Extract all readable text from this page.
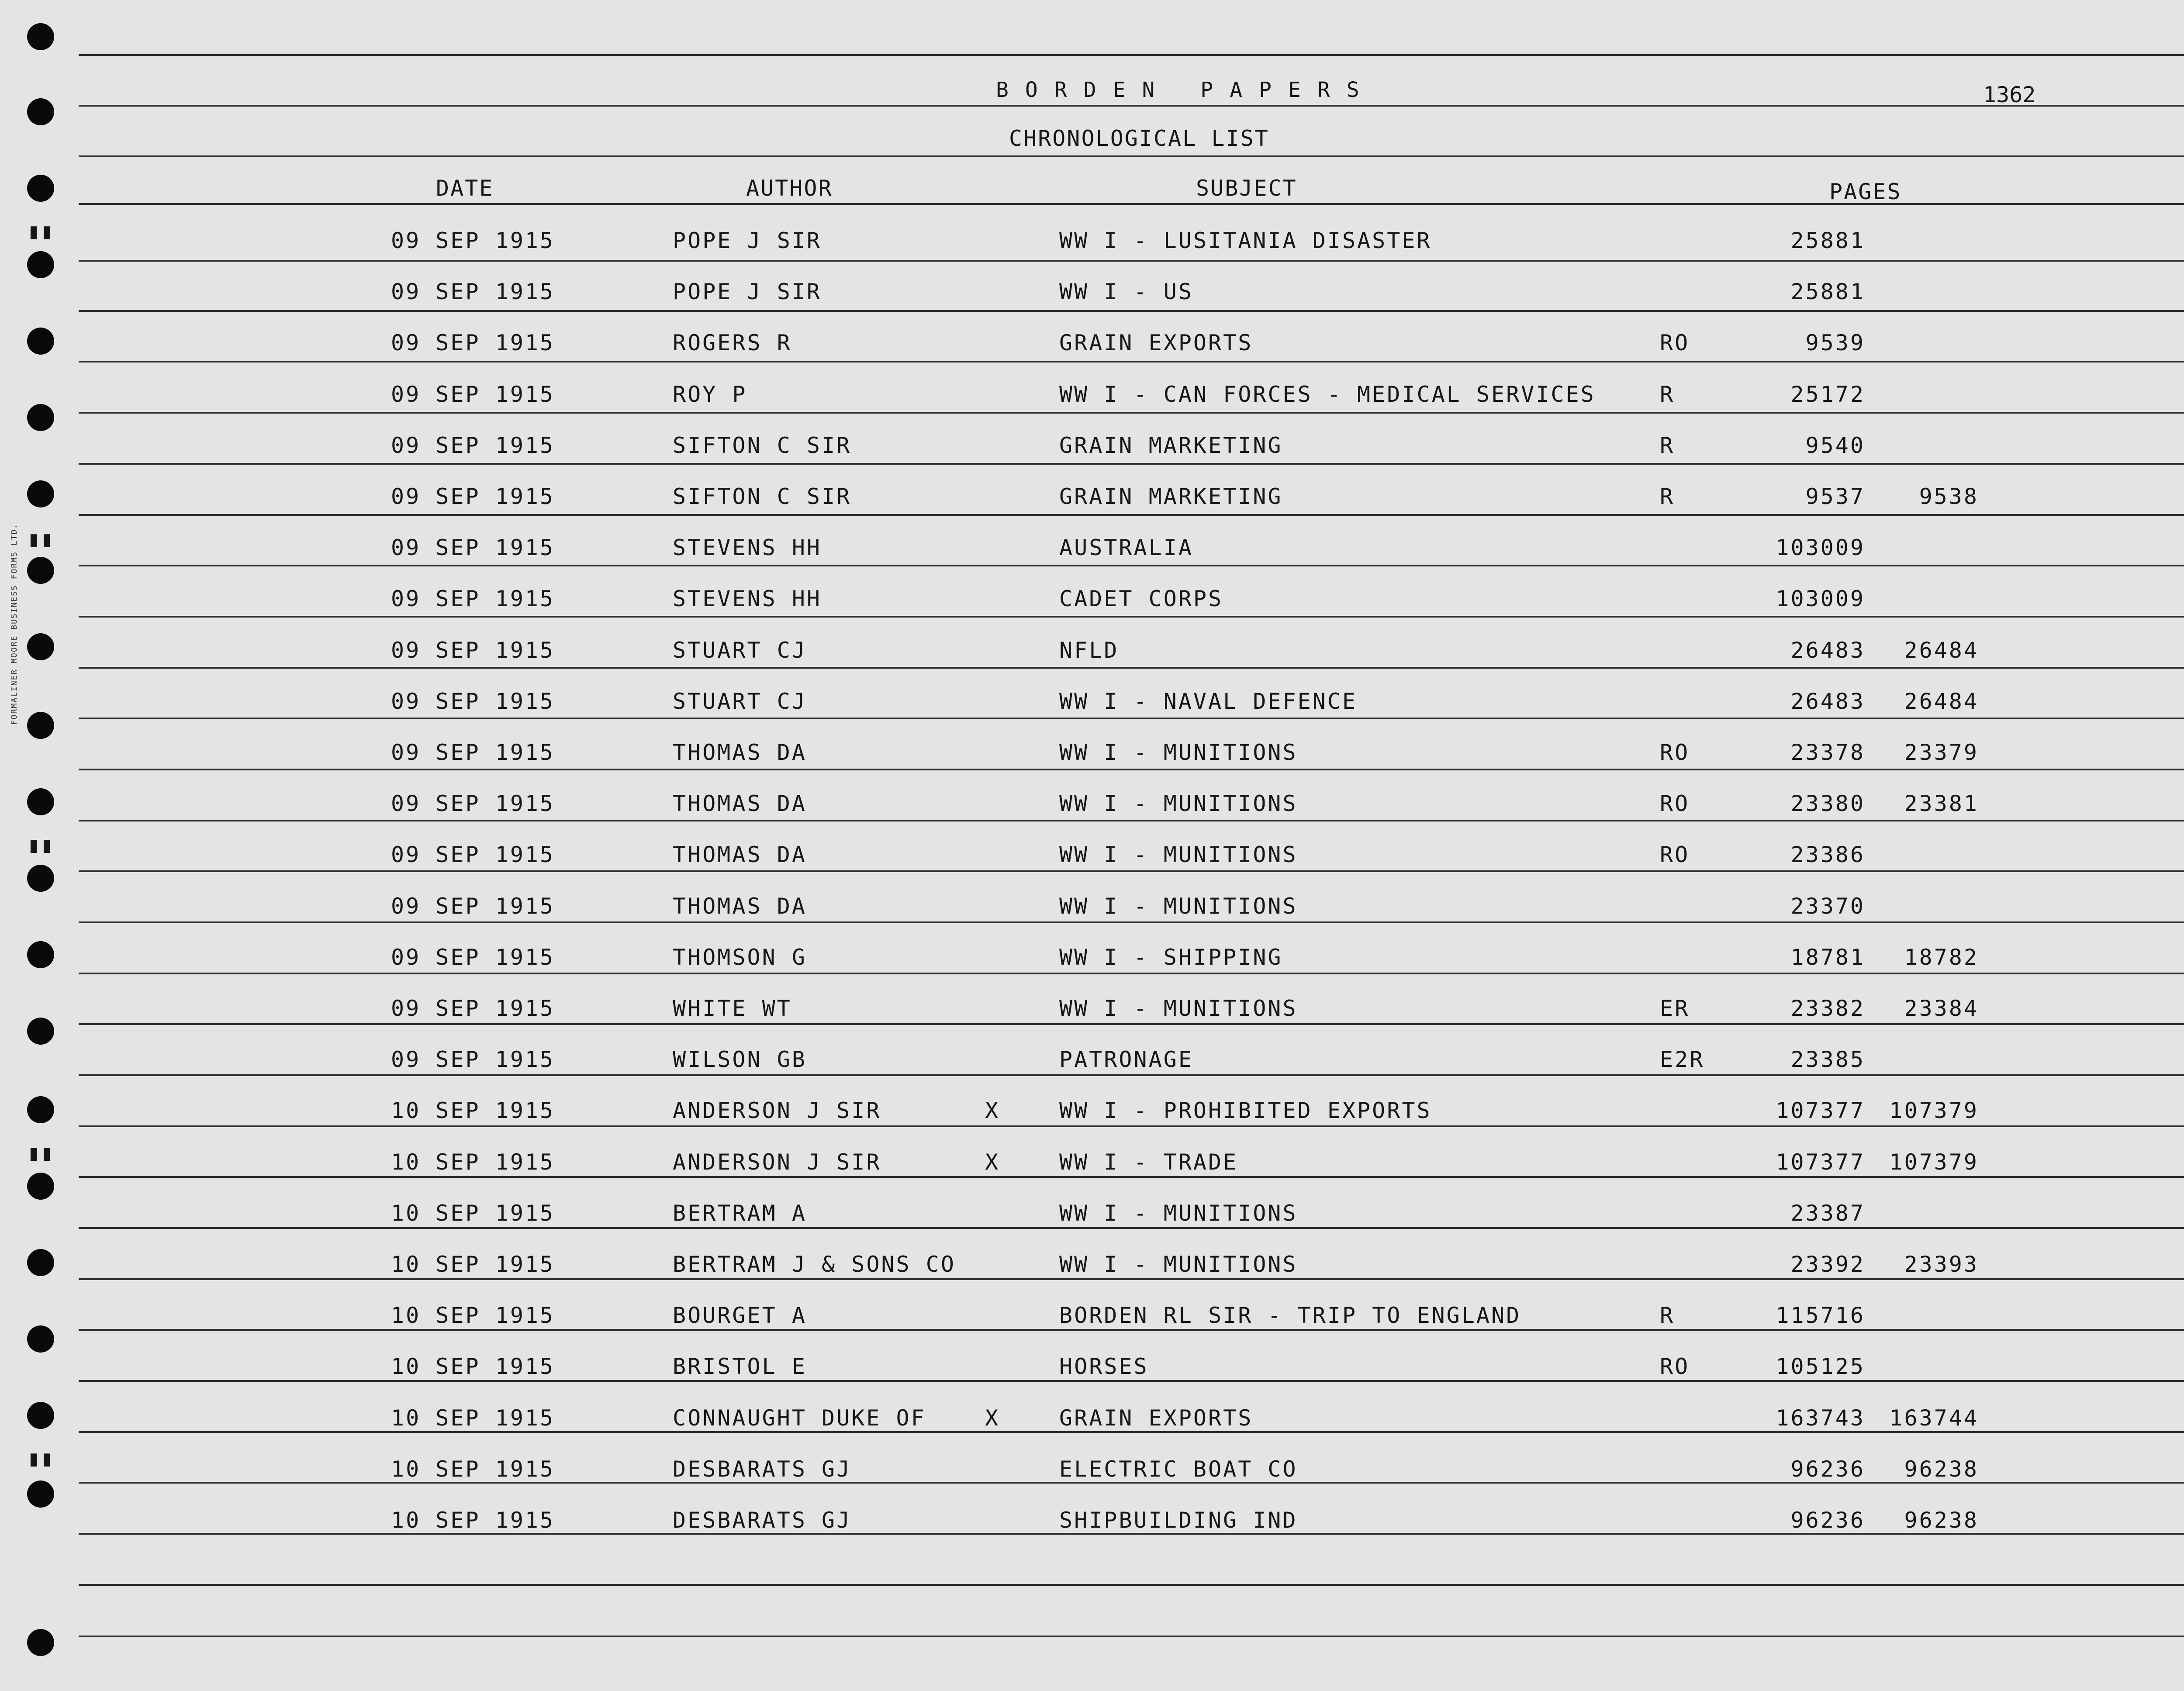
▮▮
▮▮
▮▮
▮▮
▮▮
FORMALINER MOORE BUSINESS FORMS LTD.
BORDEN PAPERS	1362
CHRONOLOGICAL LIST
DATE	AUTHOR	SUBJECT	PAGES
09 SEP 1915	POPE J SIR	WW I - LUSITANIA DISASTER	25881
09 SEP 1915	POPE J SIR	WW I - US	25881
09 SEP 1915	ROGERS R	GRAIN EXPORTS	RO	9539
09 SEP 1915	ROY P	WW I - CAN FORCES - MEDICAL SERVICES	R	25172
09 SEP 1915	SIFTON C SIR	GRAIN MARKETING	R	9540
09 SEP 1915	SIFTON C SIR	GRAIN MARKETING	R	9537	9538
09 SEP 1915	STEVENS HH	AUSTRALIA	103009
09 SEP 1915	STEVENS HH	CADET CORPS	103009
09 SEP 1915	STUART CJ	NFLD	26483	26484
09 SEP 1915	STUART CJ	WW I - NAVAL DEFENCE	26483	26484
09 SEP 1915	THOMAS DA	WW I - MUNITIONS	RO	23378	23379
09 SEP 1915	THOMAS DA	WW I - MUNITIONS	RO	23380	23381
09 SEP 1915	THOMAS DA	WW I - MUNITIONS	RO	23386
09 SEP 1915	THOMAS DA	WW I - MUNITIONS	23370
09 SEP 1915	THOMSON G	WW I - SHIPPING	18781	18782
09 SEP 1915	WHITE WT	WW I - MUNITIONS	ER	23382	23384
09 SEP 1915	WILSON GB	PATRONAGE	E2R	23385
10 SEP 1915	ANDERSON J SIR	X	WW I - PROHIBITED EXPORTS	107377	107379
10 SEP 1915	ANDERSON J SIR	X	WW I - TRADE	107377	107379
10 SEP 1915	BERTRAM A	WW I - MUNITIONS	23387
10 SEP 1915	BERTRAM J & SONS CO	WW I - MUNITIONS	23392	23393
10 SEP 1915	BOURGET A	BORDEN RL SIR - TRIP TO ENGLAND	R	115716
10 SEP 1915	BRISTOL E	HORSES	RO	105125
10 SEP 1915	CONNAUGHT DUKE OF	X	GRAIN EXPORTS	163743	163744
10 SEP 1915	DESBARATS GJ	ELECTRIC BOAT CO	96236	96238
10 SEP 1915	DESBARATS GJ	SHIPBUILDING IND	96236	96238
